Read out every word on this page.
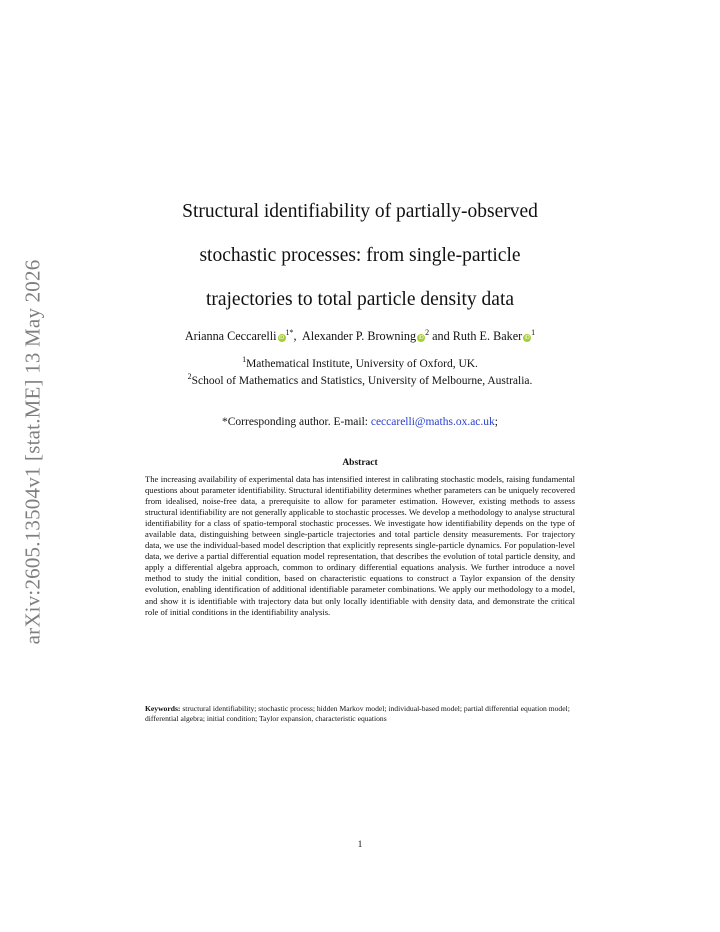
arXiv:2605.13504v1 [stat.ME] 13 May 2026
Structural identifiability of partially-observed
stochastic processes: from single-particle
trajectories to total particle density data
Arianna Ceccarelli $iD^{1*}$,  Alexander P. Browning $iD^2$ and Ruth E. Baker $iD^1$
$^1$Mathematical Institute, University of Oxford, UK.
$^2$School of Mathematics and Statistics, University of Melbourne, Australia.
*Corresponding author. E-mail: ceccarelli@maths.ox.ac.uk;
Abstract

The increasing availability of experimental data has intensified interest in calibrating stochastic models, raising fundamental questions about parameter identifiability. Structural identifiability determines whether parameters can be uniquely recovered from idealised, noise-free data, a prerequisite to allow for parameter estimation. However, existing methods to assess structural identifiability are not generally applicable to stochastic processes. We develop a methodology to analyse structural identifiability for a class of spatio-temporal stochastic processes. We investigate how identifiability depends on the type of available data, distinguishing between single-particle trajectories and total particle density measurements. For trajectory data, we use the individual-based model description that explicitly represents single-particle dynamics. For population-level data, we derive a partial differential equation model representation, that describes the evolution of total particle density, and apply a differential algebra approach, common to ordinary differential equations analysis. We further introduce a novel method to study the initial condition, based on characteristic equations to construct a Taylor expansion of the density evolution, enabling identification of additional identifiable parameter combinations. We apply our methodology to a model, and show it is identifiable with trajectory data but only locally identifiable with density data, and demonstrate the critical role of initial conditions in the identifiability analysis.

Keywords: structural identifiability; stochastic process; hidden Markov model; individual-based model; partial differential equation model; differential algebra; initial condition; Taylor expansion, characteristic equations

1
